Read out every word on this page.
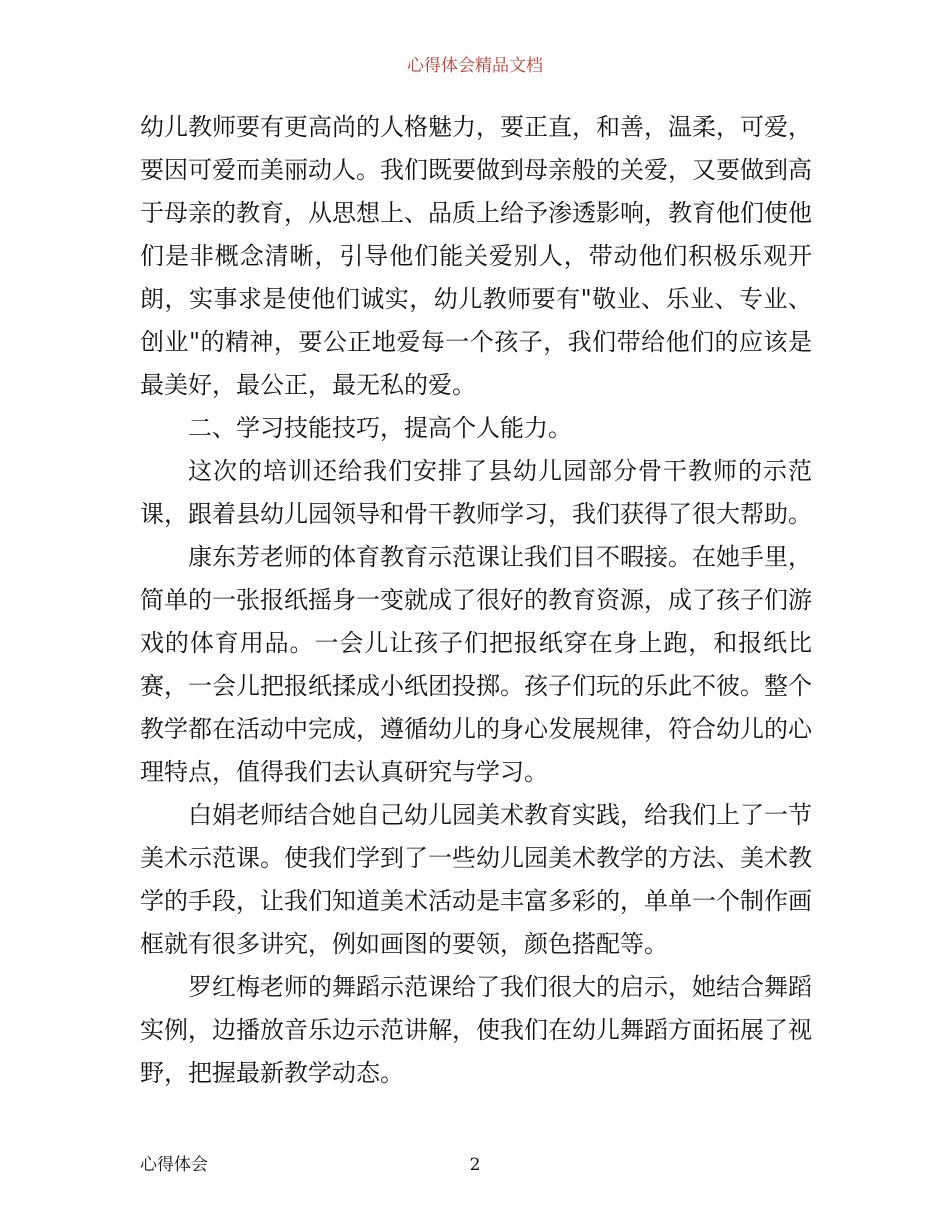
心得体会精品文档

幼儿教师要有更高尚的人格魅力，要正直，和善，温柔，可爱，要因可爱而美丽动人。我们既要做到母亲般的关爱，又要做到高于母亲的教育，从思想上、品质上给予渗透影响，教育他们使他们是非概念清晰，引导他们能关爱别人，带动他们积极乐观开朗，实事求是使他们诚实，幼儿教师要有"敬业、乐业、专业、创业"的精神，要公正地爱每一个孩子，我们带给他们的应该是最美好，最公正，最无私的爱。

二、学习技能技巧，提高个人能力。

这次的培训还给我们安排了县幼儿园部分骨干教师的示范课，跟着县幼儿园领导和骨干教师学习，我们获得了很大帮助。

康东芳老师的体育教育示范课让我们目不暇接。在她手里，简单的一张报纸摇身一变就成了很好的教育资源，成了孩子们游戏的体育用品。一会儿让孩子们把报纸穿在身上跑，和报纸比赛，一会儿把报纸揉成小纸团投掷。孩子们玩的乐此不彼。整个教学都在活动中完成，遵循幼儿的身心发展规律，符合幼儿的心理特点，值得我们去认真研究与学习。

白娟老师结合她自己幼儿园美术教育实践，给我们上了一节美术示范课。使我们学到了一些幼儿园美术教学的方法、美术教学的手段，让我们知道美术活动是丰富多彩的，单单一个制作画框就有很多讲究，例如画图的要领，颜色搭配等。

罗红梅老师的舞蹈示范课给了我们很大的启示，她结合舞蹈实例，边播放音乐边示范讲解，使我们在幼儿舞蹈方面拓展了视野，把握最新教学动态。

心得体会	2
